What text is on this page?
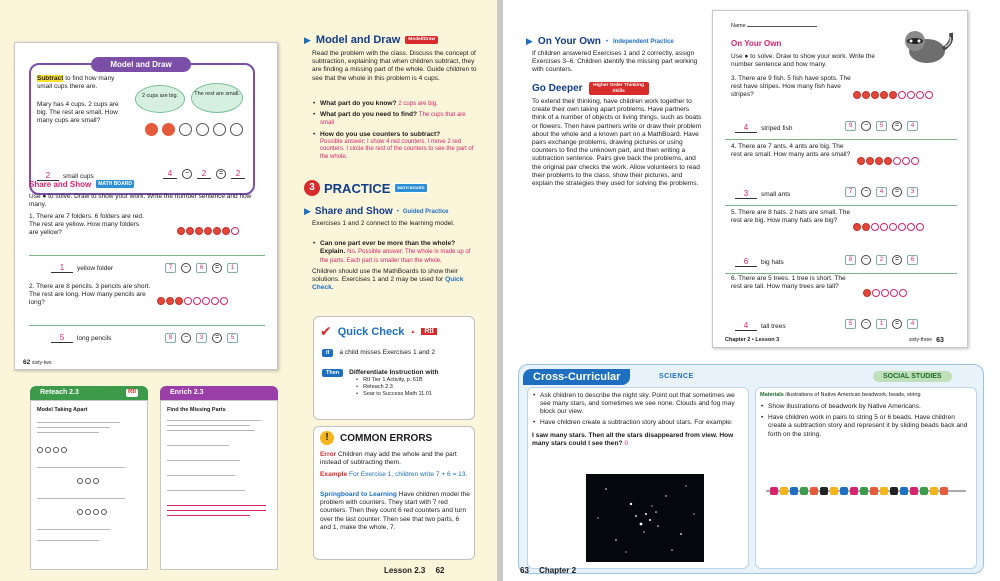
Model and Draw
Subtract to find how many small cups there are.
Mary has 4 cups. 2 cups are big. The rest are small. How many cups are small?
2 cups are big.	The rest are small.
2	small cups	4	−	2	=	2
Share and Show	MATH BOARD
Use ● to solve. Draw to show your work. Write the number sentence and how many.
1. There are 7 folders. 6 folders are red. The rest are yellow. How many folders are yellow?
1	yellow folder	7	−	6	=	1
2. There are 8 pencils. 3 pencils are short. The rest are long. How many pencils are long?
5	long pencils	8	−	3	=	5
62 sixty-two
Reteach 2.3	RtI
Model Taking Apart
Enrich 2.3
Find the Missing Parts
▶ Model and Draw	Model/Draw
Read the problem with the class. Discuss the concept of subtraction, explaining that when children subtract, they are finding a missing part of the whole. Guide children to see that the whole in this problem is 4 cups.
• What part do you know? 2 cups are big.
• What part do you need to find? The cups that are small
• How do you use counters to subtract?
Possible answer: I show 4 red counters. I move 2 red counters. I circle the rest of the counters to see the part of the whole.
3 PRACTICE	MATH BOARD
▶ Share and Show • Guided Practice
Exercises 1 and 2 connect to the learning model.
• Can one part ever be more than the whole? Explain. No. Possible answer: The whole is made up of the parts. Each part is smaller than the whole.
Children should use the MathBoards to show their solutions. Exercises 1 and 2 may be used for Quick Check.
✔ Quick Check ▲	RtI
If	a child misses Exercises 1 and 2
Then	Differentiate Instruction with
• RtI Tier 1 Activity, p. 61B
• Reteach 2.3
• Soar to Success Math 11.01
!	COMMON ERRORS
Error Children may add the whole and the part instead of subtracting them.
Example For Exercise 1, children write 7 + 6 = 13.
Springboard to Learning Have children model the problem with counters. They start with 7 red counters. Then they count 6 red counters and turn over the last counter. Then see that two parts, 6 and 1, make the whole, 7.
Lesson 2.3 62
▶ On Your Own • Independent Practice
If children answered Exercises 1 and 2 correctly, assign Exercises 3–6. Children identify the missing part working with counters.
Go Deeper	Higher Order Thinking Skills
To extend their thinking, have children work together to create their own taking apart problems. Have partners think of a number of objects or living things, such as boats or flowers. Then have partners write or draw their problem about the whole and a known part on a MathBoard. Have pairs exchange problems, drawing pictures or using counters to find the unknown part, and then writing a subtraction sentence. Pairs give back the problems, and the original pair checks the work. Allow volunteers to read their problems to the class, show their pictures, and explain the strategies they used for solving the problems.
Name
On Your Own
Use ● to solve. Draw to show your work. Write the number sentence and how many.
3. There are 9 fish. 5 fish have spots. The rest have stripes. How many fish have stripes?
4	striped fish	9	−	5	=	4
4. There are 7 ants. 4 ants are big. The rest are small. How many ants are small?
3	small ants	7	−	4	=	3
5. There are 8 hats. 2 hats are small. The rest are big. How many hats are big?
6	big hats	8	−	2	=	6
6. There are 5 trees. 1 tree is short. The rest are tall. How many trees are tall?
4	tall trees	5	−	1	=	4
Chapter 2 • Lesson 3	sixty-three 63
Cross-Curricular	SCIENCE	SOCIAL STUDIES
• Ask children to describe the night sky. Point out that sometimes we see many stars, and sometimes we see none. Clouds and fog may block our view.
• Have children create a subtraction story about stars. For example:
I saw many stars. Then all the stars disappeared from view. How many stars could I see then? 0
Materials illustrations of Native American beadwork, beads, string
• Show illustrations of beadwork by Native Americans.
• Have children work in pairs to string 5 or 6 beads. Have children create a subtraction story and represent it by sliding beads back and forth on the string.
63 Chapter 2
